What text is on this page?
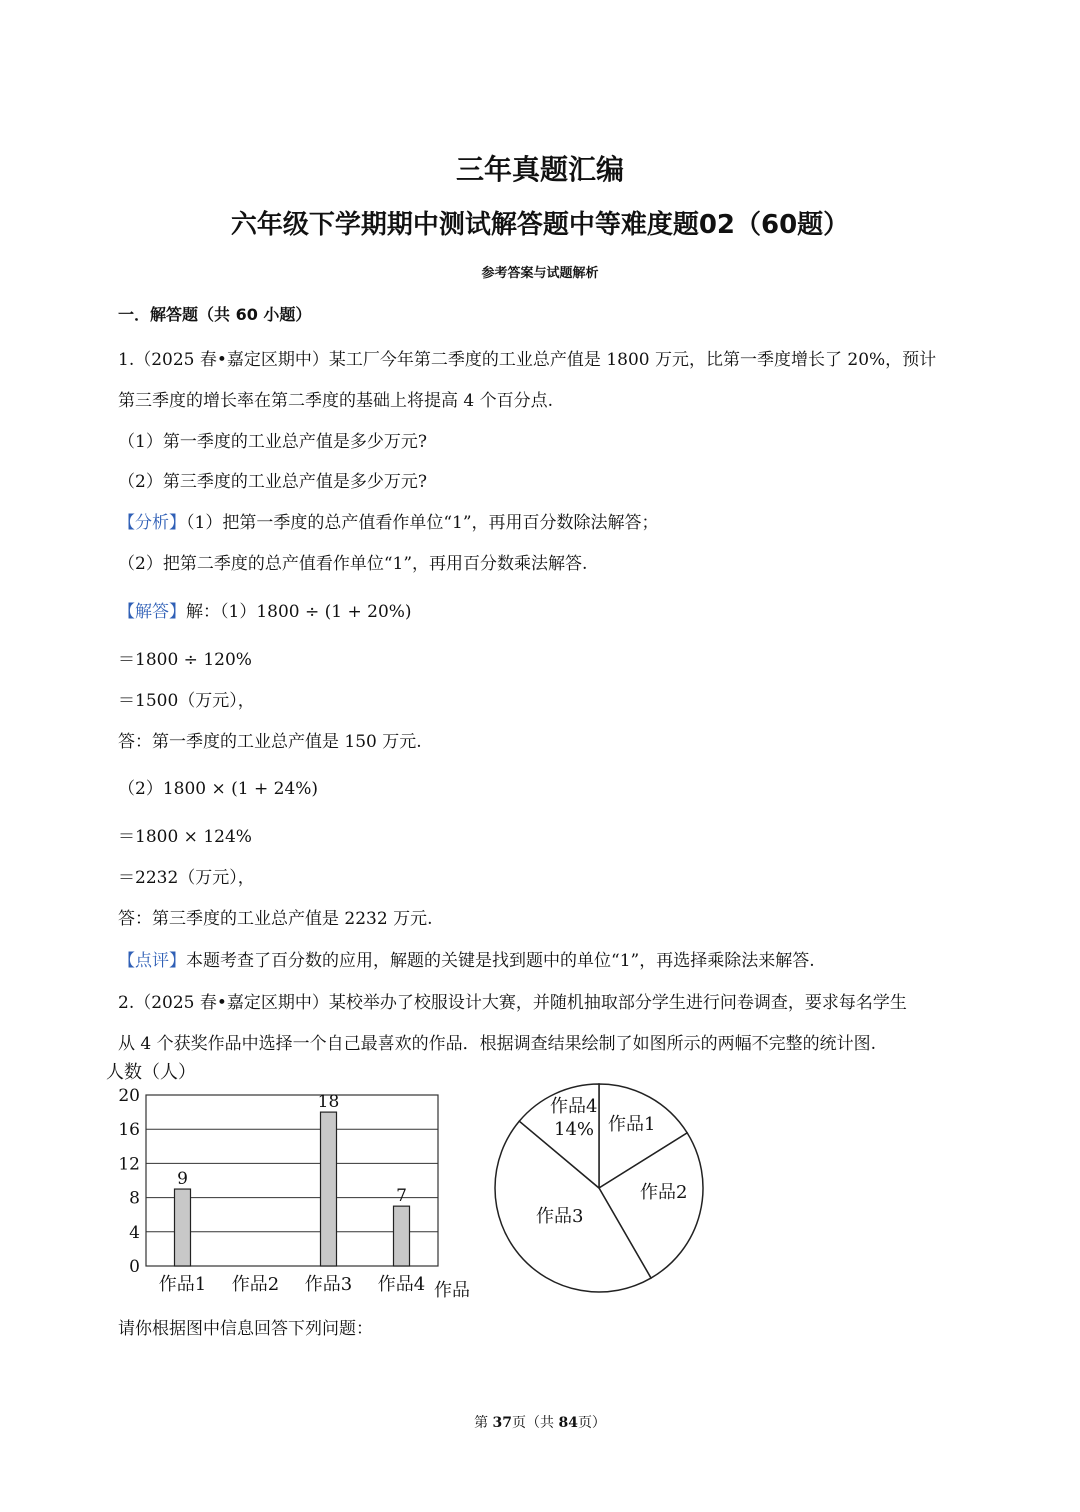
三年真题汇编
六年级下学期期中测试解答题中等难度题02（60题）
参考答案与试题解析
一．解答题（共 60 小题）
1.（2025 春•嘉定区期中）某工厂今年第二季度的工业总产值是 1800 万元，比第一季度增长了 20%，预计
第三季度的增长率在第二季度的基础上将提高 4 个百分点.
（1）第一季度的工业总产值是多少万元?
（2）第三季度的工业总产值是多少万元?
【分析】（1）把第一季度的总产值看作单位“1”，再用百分数除法解答；
（2）把第二季度的总产值看作单位“1”，再用百分数乘法解答.
【解答】解：（1）1800 ÷ (1 + 20%)
＝1800 ÷ 120%
＝1500（万元），
答：第一季度的工业总产值是 150 万元.
（2）1800 × (1 + 24%)
＝1800 × 124%
＝2232（万元），
答：第三季度的工业总产值是 2232 万元.
【点评】本题考查了百分数的应用，解题的关键是找到题中的单位“1”，再选择乘除法来解答.
2.（2025 春•嘉定区期中）某校举办了校服设计大赛，并随机抽取部分学生进行问卷调查，要求每名学生
从 4 个获奖作品中选择一个自己最喜欢的作品．根据调查结果绘制了如图所示的两幅不完整的统计图.
人数（人）
0
4
8
12
16
20
作品1
9
作品2 作品3
18
作品4
7
作品
作品1
作品2
作品3
作品4
14%
请你根据图中信息回答下列问题：
第 37页（共 84页）
